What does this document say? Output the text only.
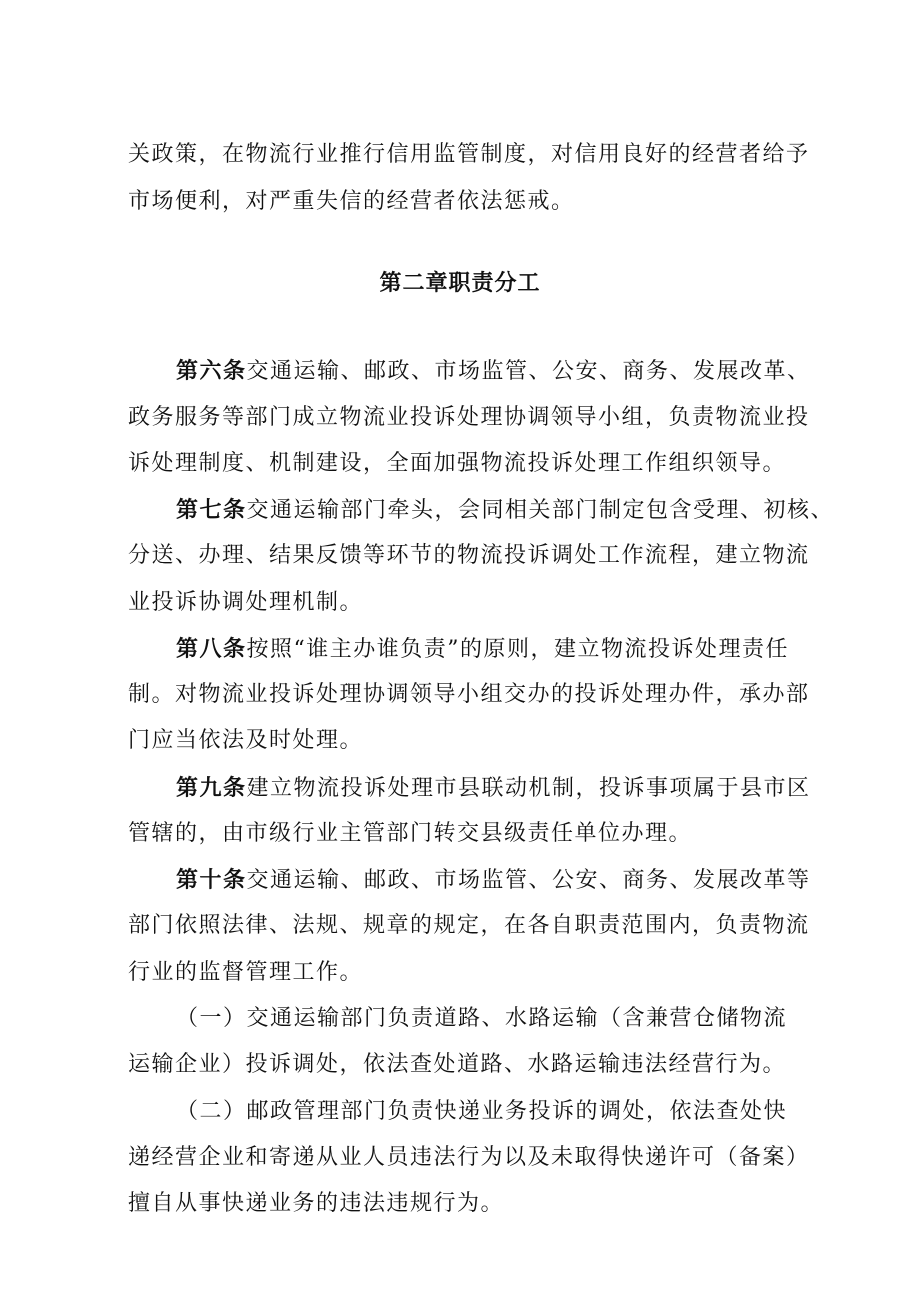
关政策，在物流行业推行信用监管制度，对信用良好的经营者给予
市场便利，对严重失信的经营者依法惩戒。
第二章职责分工
第六条交通运输、邮政、市场监管、公安、商务、发展改革、
政务服务等部门成立物流业投诉处理协调领导小组，负责物流业投
诉处理制度、机制建设，全面加强物流投诉处理工作组织领导。
第七条交通运输部门牵头，会同相关部门制定包含受理、初核、
分送、办理、结果反馈等环节的物流投诉调处工作流程，建立物流
业投诉协调处理机制。
第八条按照“谁主办谁负责”的原则，建立物流投诉处理责任
制。对物流业投诉处理协调领导小组交办的投诉处理办件，承办部
门应当依法及时处理。
第九条建立物流投诉处理市县联动机制，投诉事项属于县市区
管辖的，由市级行业主管部门转交县级责任单位办理。
第十条交通运输、邮政、市场监管、公安、商务、发展改革等
部门依照法律、法规、规章的规定，在各自职责范围内，负责物流
行业的监督管理工作。
（一）交通运输部门负责道路、水路运输（含兼营仓储物流
运输企业）投诉调处，依法查处道路、水路运输违法经营行为。
（二）邮政管理部门负责快递业务投诉的调处，依法查处快
递经营企业和寄递从业人员违法行为以及未取得快递许可（备案）
擅自从事快递业务的违法违规行为。
